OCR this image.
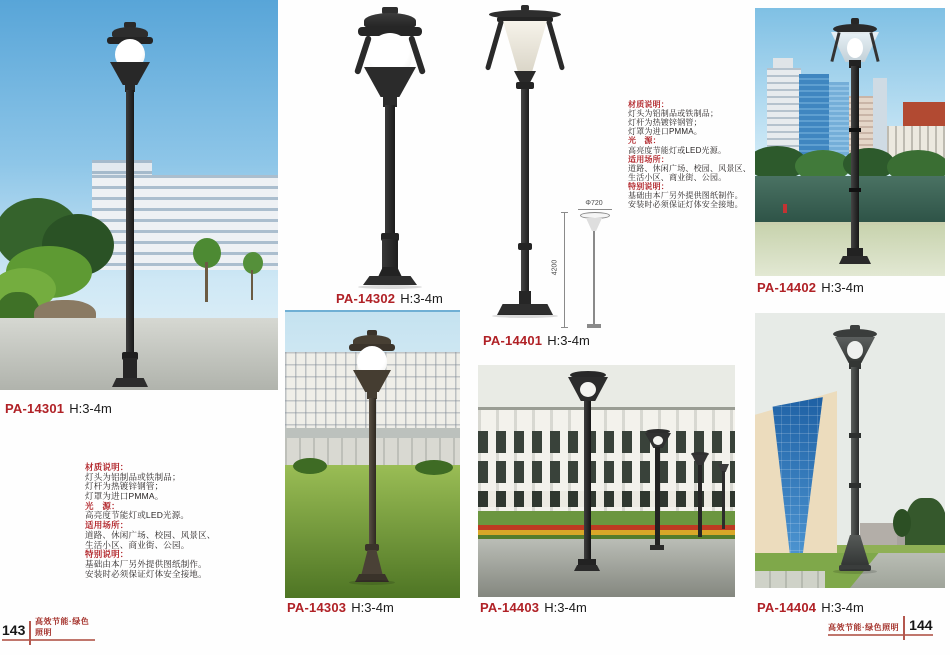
PA-14301 H:3-4m
材质说明：
灯头为铝制品或铁制品；
灯杆为热镀锌钢管；
灯罩为进口PMMA。
光　源：
高亮度节能灯或LED光源。
适用场所：
道路、休闲广场、校园、风景区、
生活小区、商业街、公园。
特别说明：
基础由本厂另外提供图纸制作。
安装时必须保证灯体安全接地。
PA-14302 H:3-4m
PA-14303 H:3-4m
Φ720
4200
PA-14401 H:3-4m
材质说明：
灯头为铝制品或铁制品；
灯杆为热镀锌钢管；
灯罩为进口PMMA。
光　源：
高亮度节能灯或LED光源。
适用场所：
道路、休闲广场、校园、风景区、
生活小区、商业街、公园。
特别说明：
基础由本厂另外提供图纸制作。
安装时必须保证灯体安全接地。
PA-14403 H:3-4m
PA-14402 H:3-4m
PA-14404 H:3-4m
143
高效节能·绿色照明
高效节能·绿色照明 144
